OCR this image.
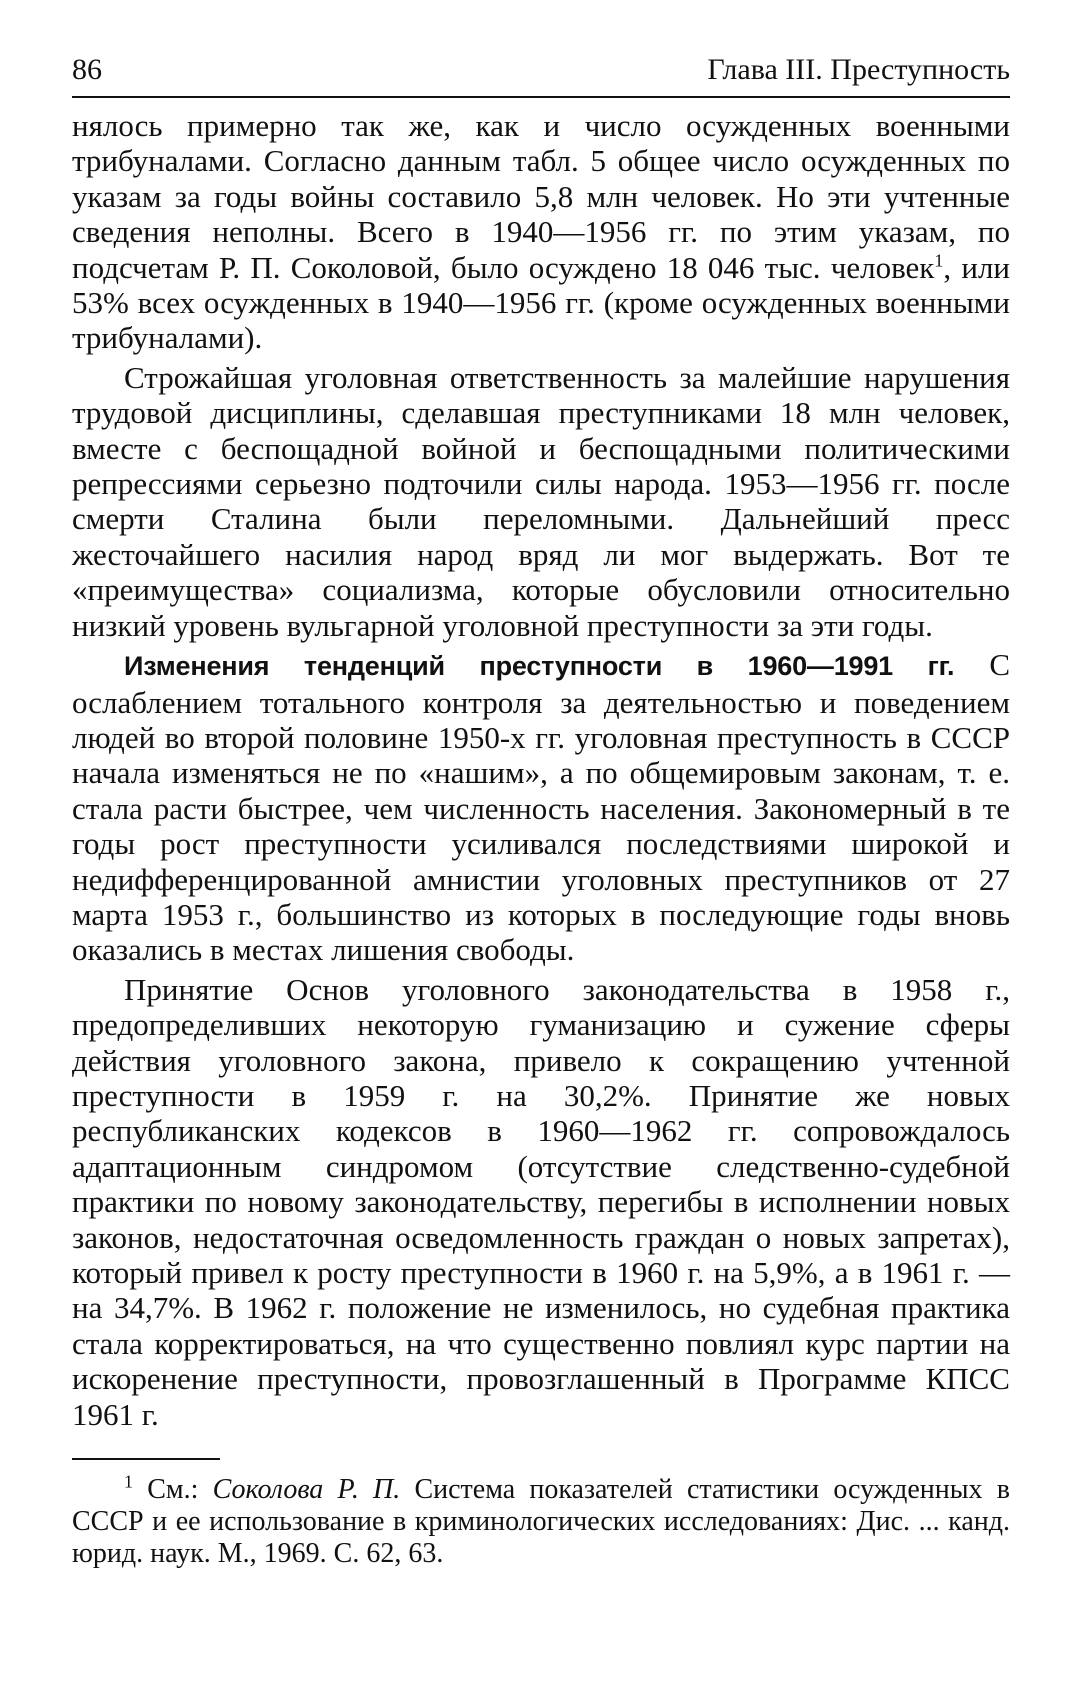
86	Глава III. Преступность

нялось примерно так же, как и число осужденных военными трибуналами. Согласно данным табл. 5 общее число осужденных по указам за годы войны составило 5,8 млн человек. Но эти учтенные сведения неполны. Всего в 1940—1956 гг. по этим указам, по подсчетам Р. П. Соколовой, было осуждено 18 046 тыс. человек$^1$, или 53% всех осужденных в 1940—1956 гг. (кроме осужденных военными трибуналами).

Строжайшая уголовная ответственность за малейшие нарушения трудовой дисциплины, сделавшая преступниками 18 млн человек, вместе с беспощадной войной и беспощадными политическими репрессиями серьезно подточили силы народа. 1953—1956 гг. после смерти Сталина были переломными. Дальнейший пресс жесточайшего насилия народ вряд ли мог выдержать. Вот те «преимущества» социализма, которые обусловили относительно низкий уровень вульгарной уголовной преступности за эти годы.

Изменения тенденций преступности в 1960—1991 гг. С ослаблением тотального контроля за деятельностью и поведением людей во второй половине 1950-х гг. уголовная преступность в СССР начала изменяться не по «нашим», а по общемировым законам, т. е. стала расти быстрее, чем численность населения. Закономерный в те годы рост преступности усиливался последствиями широкой и недифференцированной амнистии уголовных преступников от 27 марта 1953 г., большинство из которых в последующие годы вновь оказались в местах лишения свободы.

Принятие Основ уголовного законодательства в 1958 г., предопределивших некоторую гуманизацию и сужение сферы действия уголовного закона, привело к сокращению учтенной преступности в 1959 г. на 30,2%. Принятие же новых республиканских кодексов в 1960—1962 гг. сопровождалось адаптационным синдромом (отсутствие следственно-судебной практики по новому законодательству, перегибы в исполнении новых законов, недостаточная осведомленность граждан о новых запретах), который привел к росту преступности в 1960 г. на 5,9%, а в 1961 г. — на 34,7%. В 1962 г. положение не изменилось, но судебная практика стала корректироваться, на что существенно повлиял курс партии на искоренение преступности, провозглашенный в Программе КПСС 1961 г.

$^1$ См.: Соколова Р. П. Система показателей статистики осужденных в СССР и ее использование в криминологических исследованиях: Дис. ... канд. юрид. наук. М., 1969. С. 62, 63.
